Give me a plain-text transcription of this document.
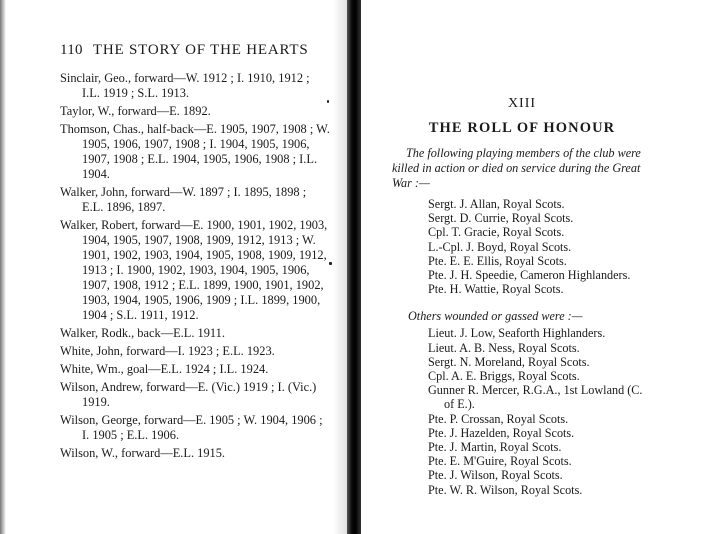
110 THE STORY OF THE HEARTS

Sinclair, Geo., forward—W. 1912 ; I. 1910, 1912 ; I.L. 1919 ; S.L. 1913.

Taylor, W., forward—E. 1892.

Thomson, Chas., half-back—E. 1905, 1907, 1908 ; W. 1905, 1906, 1907, 1908 ; I. 1904, 1905, 1906, 1907, 1908 ; E.L. 1904, 1905, 1906, 1908 ; I.L. 1904.

Walker, John, forward—W. 1897 ; I. 1895, 1898 ; E.L. 1896, 1897.

Walker, Robert, forward—E. 1900, 1901, 1902, 1903, 1904, 1905, 1907, 1908, 1909, 1912, 1913 ; W. 1901, 1902, 1903, 1904, 1905, 1908, 1909, 1912, 1913 ; I. 1900, 1902, 1903, 1904, 1905, 1906, 1907, 1908, 1912 ; E.L. 1899, 1900, 1901, 1902, 1903, 1904, 1905, 1906, 1909 ; I.L. 1899, 1900, 1904 ; S.L. 1911, 1912.

Walker, Rodk., back—E.L. 1911.

White, John, forward—I. 1923 ; E.L. 1923.

White, Wm., goal—E.L. 1924 ; I.L. 1924.

Wilson, Andrew, forward—E. (Vic.) 1919 ; I. (Vic.) 1919.

Wilson, George, forward—E. 1905 ; W. 1904, 1906 ; I. 1905 ; E.L. 1906.

Wilson, W., forward—E.L. 1915.

XIII
THE ROLL OF HONOUR

The following playing members of the club were killed in action or died on service during the Great War :—

Sergt. J. Allan, Royal Scots.
Sergt. D. Currie, Royal Scots.
Cpl. T. Gracie, Royal Scots.
L.-Cpl. J. Boyd, Royal Scots.
Pte. E. E. Ellis, Royal Scots.
Pte. J. H. Speedie, Cameron Highlanders.
Pte. H. Wattie, Royal Scots.

Others wounded or gassed were :—

Lieut. J. Low, Seaforth Highlanders.
Lieut. A. B. Ness, Royal Scots.
Sergt. N. Moreland, Royal Scots.
Cpl. A. E. Briggs, Royal Scots.
Gunner R. Mercer, R.G.A., 1st Lowland (C. of E.).
Pte. P. Crossan, Royal Scots.
Pte. J. Hazelden, Royal Scots.
Pte. J. Martin, Royal Scots.
Pte. E. M'Guire, Royal Scots.
Pte. J. Wilson, Royal Scots.
Pte. W. R. Wilson, Royal Scots.
